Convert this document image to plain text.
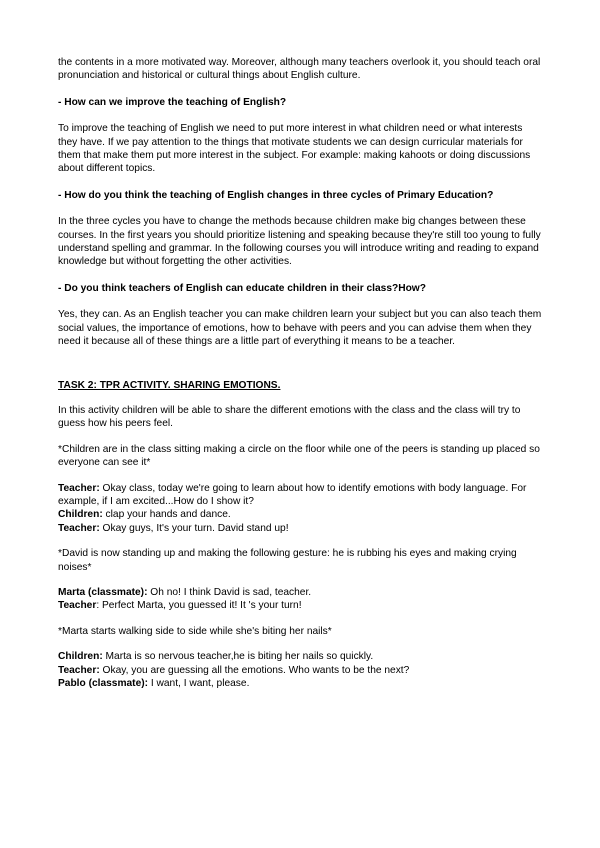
the contents in a more motivated way. Moreover, although many teachers overlook it, you should teach oral pronunciation and historical or cultural things about English culture.

- How can we improve the teaching of English?

To improve the teaching of English we need to put more interest in what children need or what interests they have. If we pay attention to the things that motivate students we can design curricular materials for them that make them put more interest in the subject. For example: making kahoots or doing discussions about different topics.

- How do you think the teaching of English changes in three cycles of Primary Education?

In the three cycles you have to change the methods because children make big changes between these courses. In the first years you should prioritize listening and speaking because they're still too young to fully understand spelling and grammar. In the following courses you will introduce writing and reading to expand knowledge but without forgetting the other activities.

- Do you think teachers of English can educate children in their class?How?

Yes, they can. As an English teacher you can make children learn your subject but you can also teach them social values, the importance of emotions, how to behave with peers and you can advise them when they need it because all of these things are a little part of everything it means to be a teacher.

TASK 2: TPR ACTIVITY. SHARING EMOTIONS.

In this activity children will be able to share the different emotions with the class and the class will try to guess how his peers feel.

*Children are in the class sitting making a circle on the floor while one of the peers is standing up placed so everyone can see it*

Teacher: Okay class, today we're going to learn about how to identify emotions with body language. For example, if I am excited...How do I show it?

Children: clap your hands and dance.

Teacher: Okay guys, It's your turn. David stand up!

*David is now standing up and making the following gesture: he is rubbing his eyes and making crying noises*

Marta (classmate): Oh no! I think David is sad, teacher.

Teacher: Perfect Marta, you guessed it! It 's your turn!

*Marta starts walking side to side while she's biting her nails*

Children: Marta is so nervous teacher,he is biting her nails so quickly.

Teacher: Okay, you are guessing all the emotions. Who wants to be the next?

Pablo (classmate): I want, I want, please.
